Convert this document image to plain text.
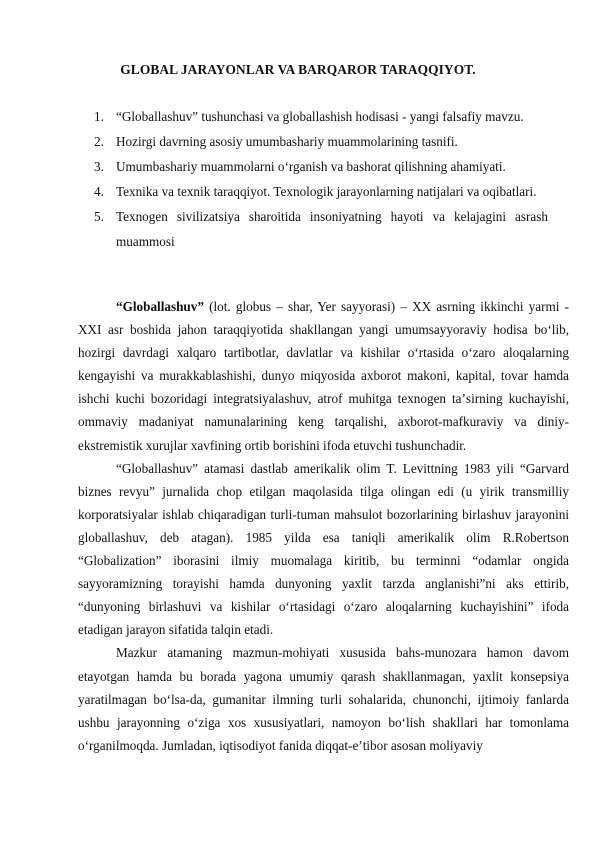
GLOBAL JARAYONLAR VA BARQAROR TARAQQIYOT.
1. “Globallashuv” tushunchasi va globallashish hodisasi - yangi falsafiy mavzu.
2. Hozirgi davrning asosiy umumbashariy muammolarining tasnifi.
3. Umumbashariy muammolarni oʻrganish va bashorat qilishning ahamiyati.
4. Texnika va texnik taraqqiyot. Texnologik jarayonlarning natijalari va oqibatlari.
5. Texnogen sivilizatsiya sharoitida insoniyatning hayoti va kelajagini asrash muammosi

“Globallashuv” (lot. globus – shar, Yer sayyorasi) – XX asrning ikkinchi yarmi - XXI asr boshida jahon taraqqiyotida shakllangan yangi umumsayyoraviy hodisa boʻlib, hozirgi davrdagi xalqaro tartibotlar, davlatlar va kishilar oʻrtasida oʻzaro aloqalarning kengayishi va murakkablashishi, dunyo miqyosida axborot makoni, kapital, tovar hamda ishchi kuchi bozoridagi integratsiyalashuv, atrof muhitga texnogen taʼsirning kuchayishi, ommaviy madaniyat namunalarining keng tarqalishi, axborot-mafkuraviy va diniy-ekstremistik xurujlar xavfining ortib borishini ifoda etuvchi tushunchadir.

“Globallashuv” atamasi dastlab amerikalik olim T. Levittning 1983 yili “Garvard biznes revyu” jurnalida chop etilgan maqolasida tilga olingan edi (u yirik transmilliy korporatsiyalar ishlab chiqaradigan turli-tuman mahsulot bozorlarining birlashuv jarayonini globallashuv, deb atagan). 1985 yilda esa taniqli amerikalik olim R.Robertson “Globalization” iborasini ilmiy muomalaga kiritib, bu terminni “odamlar ongida sayyoramizning torayishi hamda dunyoning yaxlit tarzda anglanishi”ni aks ettirib, “dunyoning birlashuvi va kishilar oʻrtasidagi oʻzaro aloqalarning kuchayishini” ifoda etadigan jarayon sifatida talqin etadi.

Mazkur atamaning mazmun-mohiyati xususida bahs-munozara hamon davom etayotgan hamda bu borada yagona umumiy qarash shakllanmagan, yaxlit konsepsiya yaratilmagan boʻlsa-da, gumanitar ilmning turli sohalarida, chunonchi, ijtimoiy fanlarda ushbu jarayonning oʻziga xos xususiyatlari, namoyon boʻlish shakllari har tomonlama oʻrganilmoqda. Jumladan, iqtisodiyot fanida diqqat-eʼtibor asosan moliyaviy
